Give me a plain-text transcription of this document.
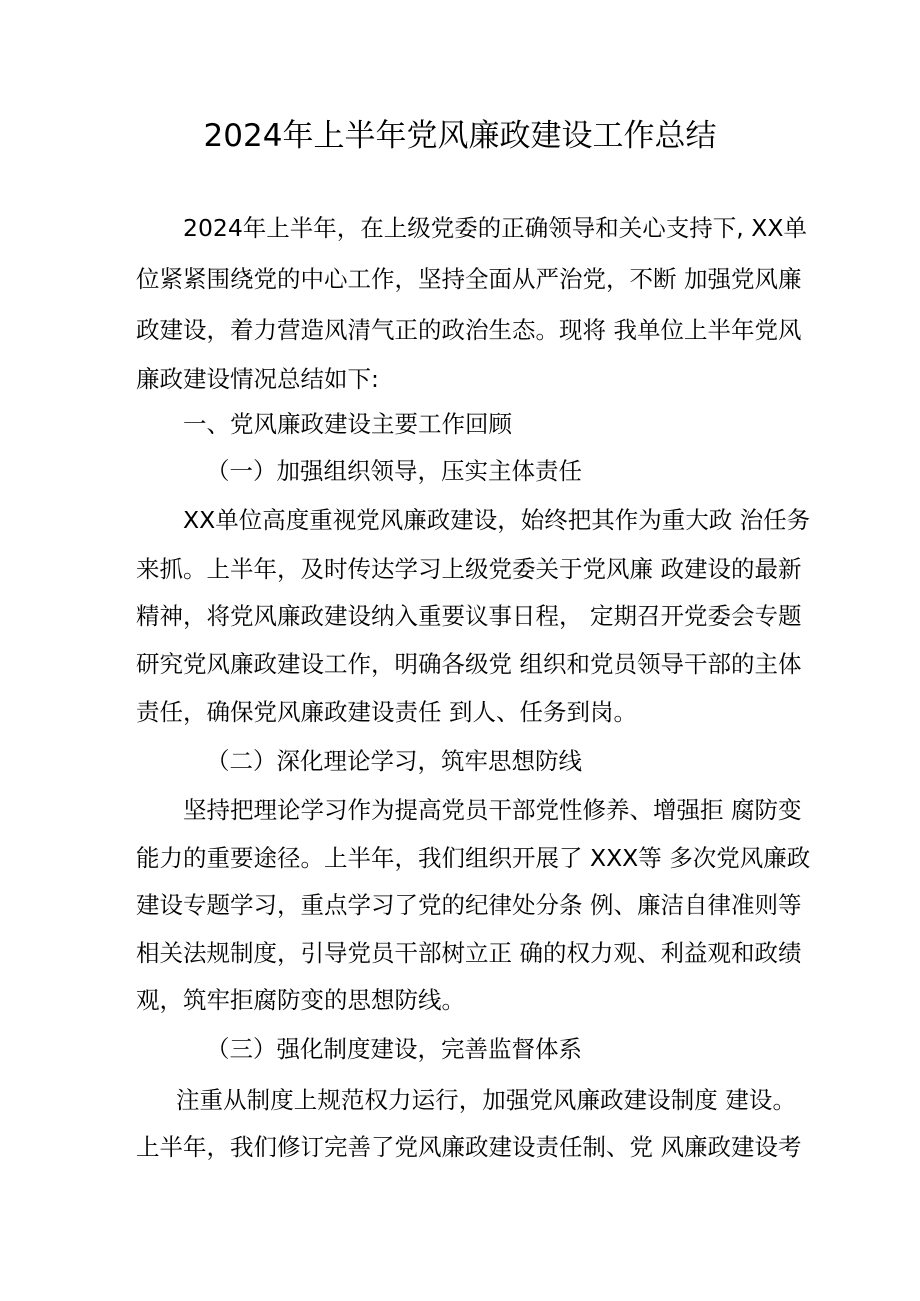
2024年上半年党风廉政建设工作总结

2024年上半年，在上级党委的正确领导和关心支持下, XX单

位紧紧围绕党的中心工作，坚持全面从严治党，不断 加强党风廉

政建设，着力营造风清气正的政治生态。现将 我单位上半年党风

廉政建设情况总结如下:

一、党风廉政建设主要工作回顾

（一）加强组织领导，压实主体责任

XX单位高度重视党风廉政建设，始终把其作为重大政 治任务

来抓。上半年，及时传达学习上级党委关于党风廉 政建设的最新

精神，将党风廉政建设纳入重要议事日程， 定期召开党委会专题

研究党风廉政建设工作，明确各级党 组织和党员领导干部的主体

责任，确保党风廉政建设责任 到人、任务到岗。

（二）深化理论学习，筑牢思想防线

坚持把理论学习作为提高党员干部党性修养、增强拒 腐防变

能力的重要途径。上半年，我们组织开展了 XXX等 多次党风廉政

建设专题学习，重点学习了党的纪律处分条 例、廉洁自律准则等

相关法规制度，引导党员干部树立正 确的权力观、利益观和政绩

观，筑牢拒腐防变的思想防线。

（三）强化制度建设，完善监督体系

注重从制度上规范权力运行，加强党风廉政建设制度 建设。

上半年，我们修订完善了党风廉政建设责任制、党 风廉政建设考
